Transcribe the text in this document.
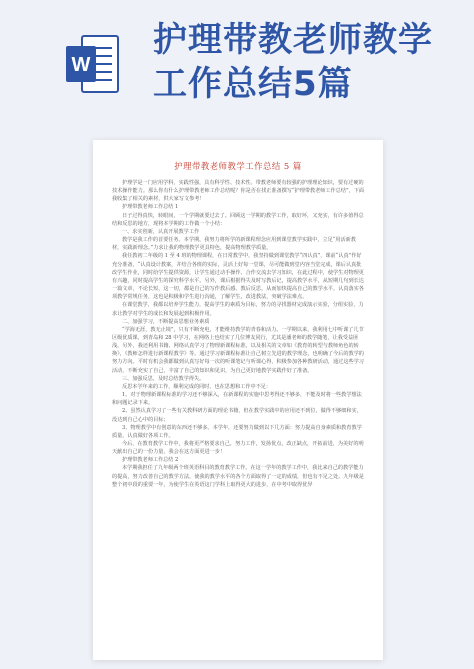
W
护理带教老师教学工作总结5篇
护理带教老师教学工作总结 5 篇

护理学是一门应用学科，实践性强，具有科学性、技术性。带教老师要有较强的护理理论知识，要有过硬的技术操作能力。那么你有什么护理带教老师工作总结呢？你是否在找正准备撰写“护理带教老师工作总结”，下面我收集了相关的素材，供大家写文参考！

护理带教老师工作总结 1

日子过得真快，转眼间，一个学期就要过去了。回顾这一学期的教学工作，取好坏，又充实，有许多值得总结和反思的地方，现将本学期的工作做一个小结：

一、求实创新，认真开展教学工作

教学是我工作的首要任务。本学期，我努力将所学的新课程理念应用到课堂教学实践中，立足“用活新教材，实践新理念。”力求让我的物理教学更具特色，提高物理教学质量。

我任教初二年级的 1 至 4 班的物理课程，在日常教学中，我坚持做到课堂教学“四认真”，课前“认真”作好充分准备，“认真设计教案，并结合各班的实际，灵活上好每一堂课，尽可能做到堂内容当堂完成，课后认真批改学生作业，同时给学生提供资源，让学生通过动手操作、合作交流去学习知识，在此过程中，使学生对物理更有兴趣，同时提高学生的探究科学水平。另外，课后根据得失及时写教后记，提高教学水平，从短期几句到长达一篇文章，不论长短，这一切，都是自己的写作教后感、教后反思。从而加快提高自己的教学水平。认真落实各项教学常规任务，这也是积极和学生进行沟通，了解学生，改进教法，突破学法难点。

在课堂教学，我都以培养学生能力，提高学生的素质为目标，努力的寻找器材完成演示实验，分组实验，力求让教学对学生的成长和发展起到积极作用。

二、加强学习，不断提高思想业务素质

“学海无涯，教无止境”，只有不断充电，才能维持教学的青春和活力。一学期以来，我利用七中听课了几节区级优质课，到青岛和 28 中学习，在网络上也结实了几位博友同行，尤其是潘老师的教学随笔，让我受益匪浅，另外，我还利用书籍、网络认真学习了物理新课程标准，以及相关的文章如《教育的转型与教师角色的转换》，《教师怎样进行新课程教学》等。通过学习新课程标准让自己树立先进的教学理念，也明确了今后的教学的努力方向。平时有机会我都做到认真写好每一次的听课笔记与听课心得，积极参加各种教研活动，通过这些学习活动，不断充实了自己，丰富了自己的知识和见识，为自己更好地教学实践作好了准备。

三、加强反思，及时总结教学得失。

反思本学年来的工作，顺利完成的同时，也在思想和工作中不足：

1、对于物理新课程标准的学习还不够深入，在新课程的实施中思考得还不够多，不能及时将一些教学想法和问题记录下来。

2、虽然认真学习了一些有关教科研方面的理论书籍，但在教学实践中的应用还不到位，做得不够细和实，没达到自己心中的目标；

3、物理教学中有创意的东西还不够多。本学年，还要努力做到以下几方面：努力提高自身素质和教育教学质量，认真做好各项工作。

今后，在教育教学工作中，我将更严格要求自己，努力工作，发扬优点，改正缺点，开拓前进，为美好的明天献出自己的一份力量，我会在这方面更进一步！

护理带教老师工作总结 2

本学期我担任了九年级两个班英语科目的教育教学工作。在这一学年的教学工作中，我比来自己的教学能力的提高，努力改善自己的教学方法，使我的教学水平的各个方面取得了一定的成绩，但也有不足之处。九年级是整个初中段的重要一年，为使学生在英语这门学科上取得更大的进步，在中考中取得优异
